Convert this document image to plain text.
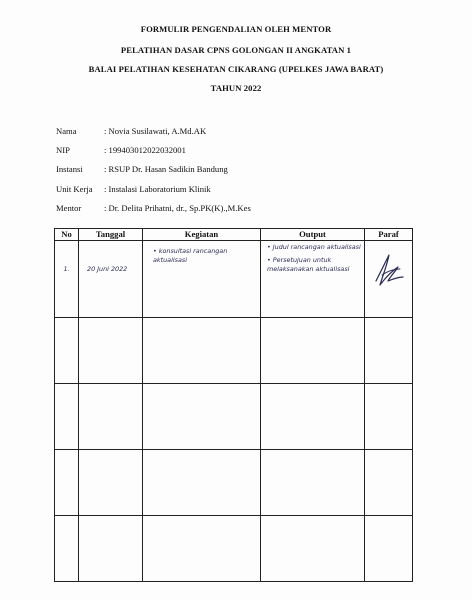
FORMULIR PENGENDALIAN OLEH MENTOR
PELATIHAN DASAR CPNS GOLONGAN II ANGKATAN 1
BALAI PELATIHAN KESEHATAN CIKARANG (UPELKES JAWA BARAT)
TAHUN 2022
Nama	: Novia Susilawati, A.Md.AK
NIP	: 199403012022032001
Instansi : RSUP Dr. Hasan Sadikin Bandung
Unit Kerja : Instalasi Laboratorium Klinik
Mentor	: Dr. Delita Prihatni, dr., Sp.PK(K).,M.Kes
No	Tanggal	Kegiatan	Output	Paraf

1.	20 Juni 2022	• konsultasi rancangan aktualisasi	• Judul rancangan aktualisasi
• Persetujuan untuk melaksanakan aktualisasi
